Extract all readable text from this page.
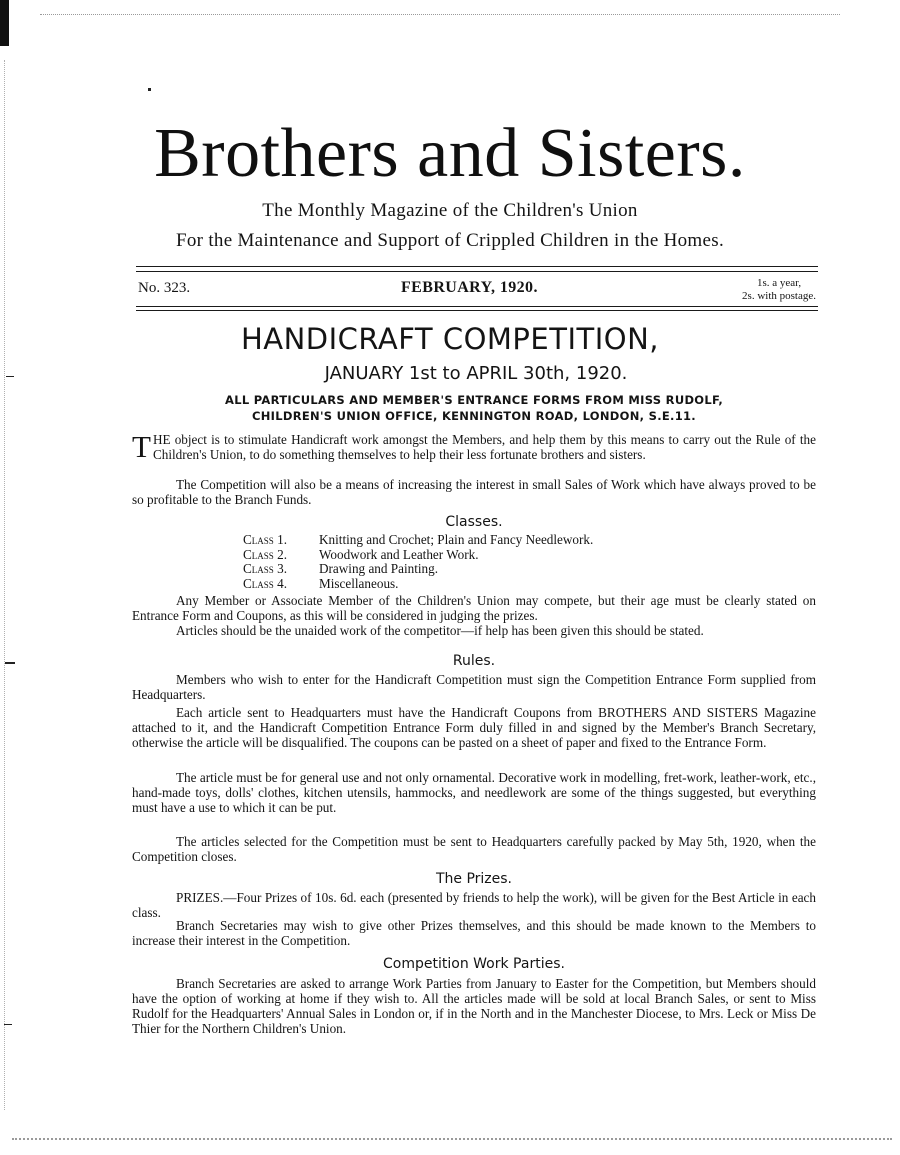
Brothers and Sisters.
The Monthly Magazine of the Children's Union
For the Maintenance and Support of Crippled Children in the Homes.
No. 323.	FEBRUARY, 1920.	1s. a year,
2s. with postage.
HANDICRAFT COMPETITION,
JANUARY 1st to APRIL 30th, 1920.
ALL PARTICULARS AND MEMBER'S ENTRANCE FORMS FROM MISS RUDOLF,
CHILDREN'S UNION OFFICE, KENNINGTON ROAD, LONDON, S.E.11.

THE object is to stimulate Handicraft work amongst the Members, and help them by this means to carry out the Rule of the Children's Union, to do something themselves to help their less fortunate brothers and sisters.

The Competition will also be a means of increasing the interest in small Sales of Work which have always proved to be so profitable to the Branch Funds.

Classes.
Class 1. Knitting and Crochet; Plain and Fancy Needlework.
Class 2. Woodwork and Leather Work.
Class 3. Drawing and Painting.
Class 4. Miscellaneous.

Any Member or Associate Member of the Children's Union may compete, but their age must be clearly stated on Entrance Form and Coupons, as this will be considered in judging the prizes.

Articles should be the unaided work of the competitor—if help has been given this should be stated.

Rules.

Members who wish to enter for the Handicraft Competition must sign the Competition Entrance Form supplied from Headquarters.

Each article sent to Headquarters must have the Handicraft Coupons from BROTHERS AND SISTERS Magazine attached to it, and the Handicraft Competition Entrance Form duly filled in and signed by the Member's Branch Secretary, otherwise the article will be disqualified. The coupons can be pasted on a sheet of paper and fixed to the Entrance Form.

The article must be for general use and not only ornamental. Decorative work in modelling, fret-work, leather-work, etc., hand-made toys, dolls' clothes, kitchen utensils, hammocks, and needlework are some of the things suggested, but everything must have a use to which it can be put.

The articles selected for the Competition must be sent to Headquarters carefully packed by May 5th, 1920, when the Competition closes.

The Prizes.

PRIZES.—Four Prizes of 10s. 6d. each (presented by friends to help the work), will be given for the Best Article in each class.

Branch Secretaries may wish to give other Prizes themselves, and this should be made known to the Members to increase their interest in the Competition.

Competition Work Parties.

Branch Secretaries are asked to arrange Work Parties from January to Easter for the Competition, but Members should have the option of working at home if they wish to. All the articles made will be sold at local Branch Sales, or sent to Miss Rudolf for the Headquarters' Annual Sales in London or, if in the North and in the Manchester Diocese, to Mrs. Leck or Miss De Thier for the Northern Children's Union.
